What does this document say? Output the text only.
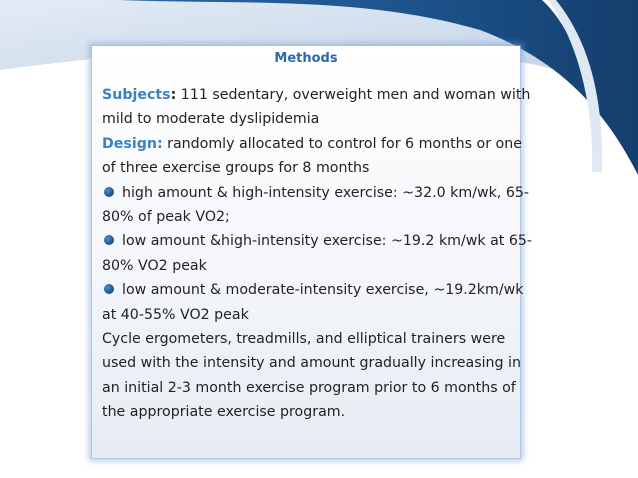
Methods
Subjects: 111 sedentary, overweight men and woman with
mild to moderate dyslipidemia
Design: randomly allocated to control for 6 months or one
of three exercise groups for 8 months
high amount & high-intensity exercise: ~32.0 km/wk, 65-
80% of peak VO2;
low amount &high-intensity exercise: ~19.2 km/wk at 65-
80% VO2 peak
low amount & moderate-intensity exercise, ~19.2km/wk
at 40-55% VO2 peak
Cycle ergometers, treadmills, and elliptical trainers were
used with the intensity and amount gradually increasing in
an initial 2-3 month exercise program prior to 6 months of
the appropriate exercise program.
